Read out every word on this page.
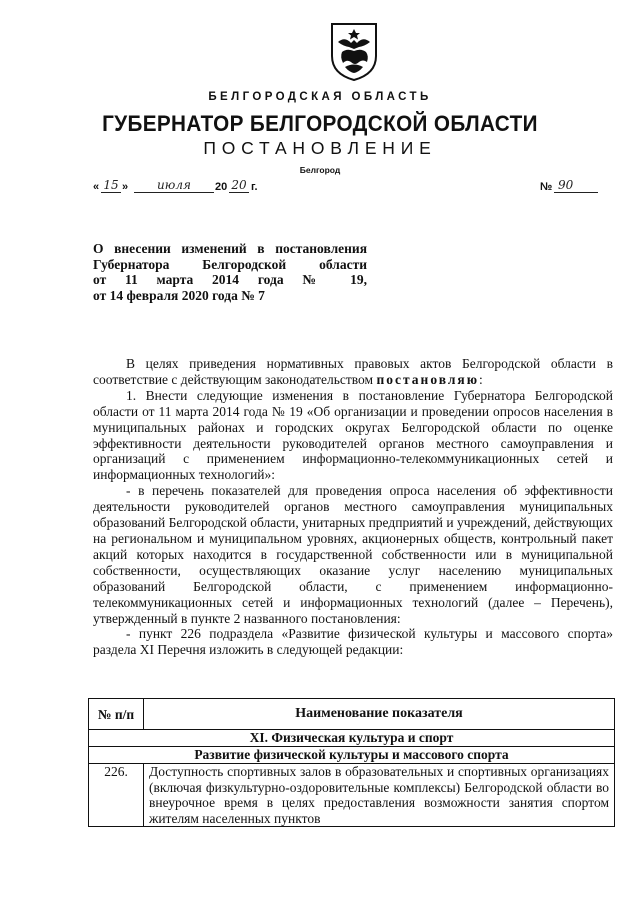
БЕЛГОРОДСКАЯ ОБЛАСТЬ
ГУБЕРНАТОР БЕЛГОРОДСКОЙ ОБЛАСТИ
ПОСТАНОВЛЕНИЕ
Белгород
« 15 »	июля	20 20 г.	№ 90
О внесении изменений в постановления
Губернатора Белгородской области
от 11 марта 2014 года № 19,
от 14 февраля 2020 года № 7

В целях приведения нормативных правовых актов Белгородской области в соответствие с действующим законодательством постановляю:

1. Внести следующие изменения в постановление Губернатора Белгородской области от 11 марта 2014 года № 19 «Об организации и проведении опросов населения в муниципальных районах и городских округах Белгородской области по оценке эффективности деятельности руководителей органов местного самоуправления и организаций с применением информационно-телекоммуникационных сетей и информационных технологий»:

- в перечень показателей для проведения опроса населения об эффективности деятельности руководителей органов местного самоуправления муниципальных образований Белгородской области, унитарных предприятий и учреждений, действующих на региональном и муниципальном уровнях, акционерных обществ, контрольный пакет акций которых находится в государственной собственности или в муниципальной собственности, осуществляющих оказание услуг населению муниципальных образований Белгородской области, с применением информационно-телекоммуникационных сетей и информационных технологий (далее – Перечень), утвержденный в пункте 2 названного постановления:

- пункт 226 подраздела «Развитие физической культуры и массового спорта» раздела XI Перечня изложить в следующей редакции:

№ п/п	Наименование показателя
XI. Физическая культура и спорт	
Развитие физической культуры и массового спорта	
226.	Доступность спортивных залов в образовательных и спортивных организациях (включая физкультурно-оздоровительные комплексы) Белгородской области во внеурочное время в целях предоставления возможности занятия спортом жителям населенных пунктов
